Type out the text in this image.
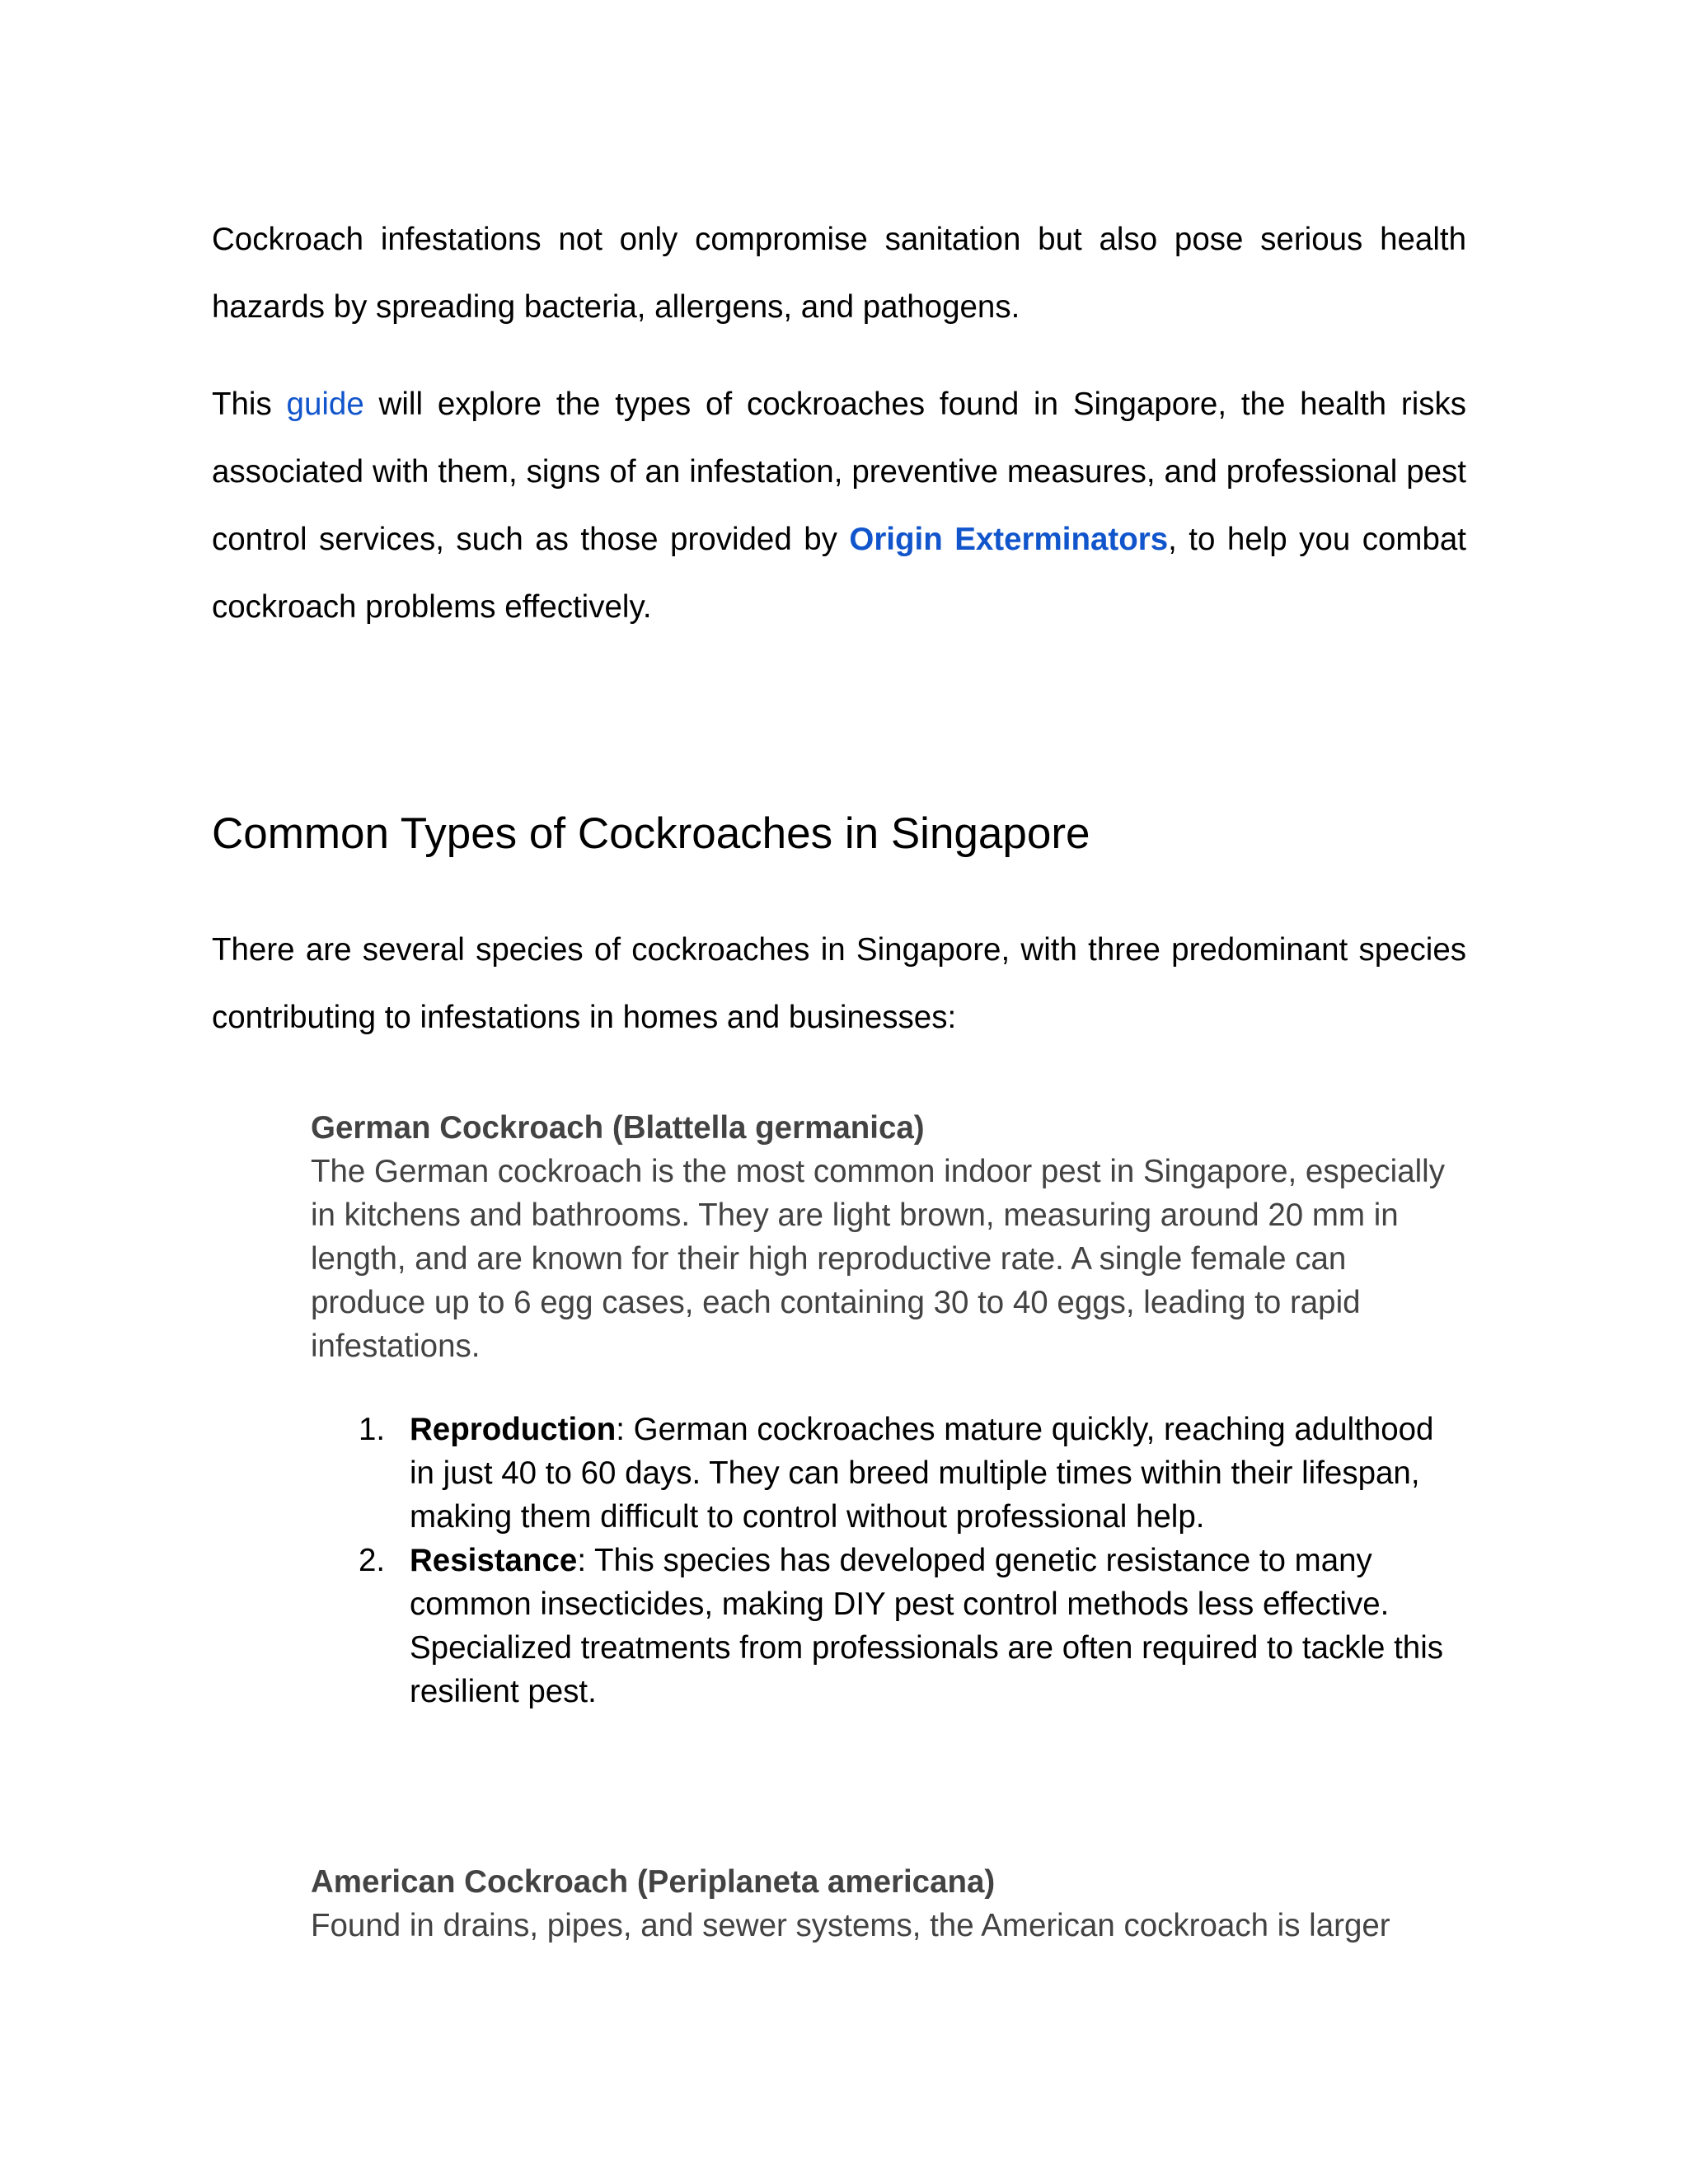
Cockroach infestations not only compromise sanitation but also pose serious health hazards by spreading bacteria, allergens, and pathogens.

This guide will explore the types of cockroaches found in Singapore, the health risks associated with them, signs of an infestation, preventive measures, and professional pest control services, such as those provided by Origin Exterminators, to help you combat cockroach problems effectively.

Common Types of Cockroaches in Singapore

There are several species of cockroaches in Singapore, with three predominant species contributing to infestations in homes and businesses:

German Cockroach (Blattella germanica)

The German cockroach is the most common indoor pest in Singapore, especially in kitchens and bathrooms. They are light brown, measuring around 20 mm in length, and are known for their high reproductive rate. A single female can produce up to 6 egg cases, each containing 30 to 40 eggs, leading to rapid infestations.

1. Reproduction: German cockroaches mature quickly, reaching adulthood in just 40 to 60 days. They can breed multiple times within their lifespan, making them difficult to control without professional help.
2. Resistance: This species has developed genetic resistance to many common insecticides, making DIY pest control methods less effective. Specialized treatments from professionals are often required to tackle this resilient pest.

American Cockroach (Periplaneta americana)

Found in drains, pipes, and sewer systems, the American cockroach is larger
